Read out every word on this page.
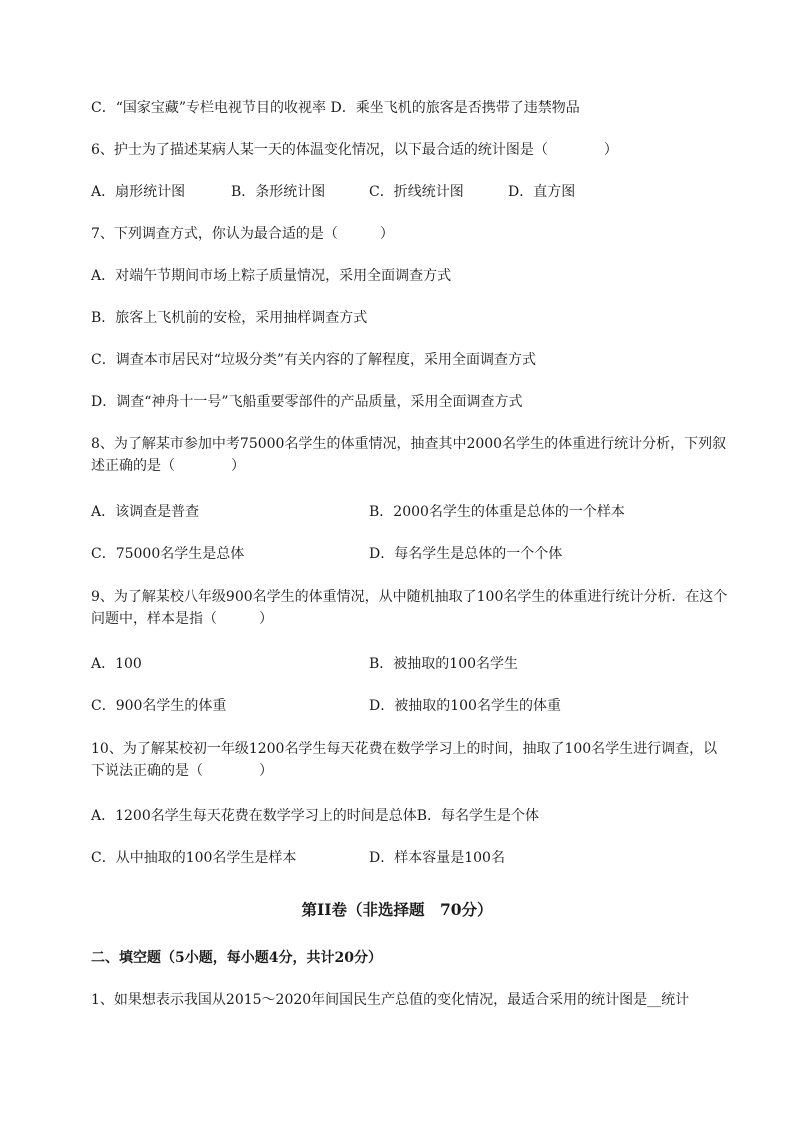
C．“国家宝藏”专栏电视节目的收视率 D．乘坐飞机的旅客是否携带了违禁物品
6、护士为了描述某病人某一天的体温变化情况，以下最合适的统计图是（　　　　）
A．扇形统计图	B．条形统计图	C．折线统计图	D．直方图
7、下列调查方式，你认为最合适的是（　　　）
A．对端午节期间市场上粽子质量情况，采用全面调查方式
B．旅客上飞机前的安检，采用抽样调查方式
C．调查本市居民对“垃圾分类”有关内容的了解程度，采用全面调查方式
D．调查“神舟十一号”飞船重要零部件的产品质量，采用全面调查方式
8、为了解某市参加中考75000名学生的体重情况，抽查其中2000名学生的体重进行统计分析，下列叙述正确的是（　　　　）
A．该调查是普查	B．2000名学生的体重是总体的一个样本
C．75000名学生是总体	D．每名学生是总体的一个个体
9、为了解某校八年级900名学生的体重情况，从中随机抽取了100名学生的体重进行统计分析．在这个问题中，样本是指（　　　）
A．100	B．被抽取的100名学生
C．900名学生的体重	D．被抽取的100名学生的体重
10、为了解某校初一年级1200名学生每天花费在数学学习上的时间，抽取了100名学生进行调查，以下说法正确的是（　　　　）
A．1200名学生每天花费在数学学习上的时间是总体B．每名学生是个体
C．从中抽取的100名学生是样本	D．样本容量是100名
第II卷（非选择题　70分）
二、填空题（5小题，每小题4分，共计20分）
1、如果想表示我国从2015～2020年间国民生产总值的变化情况，最适合采用的统计图是__统计
